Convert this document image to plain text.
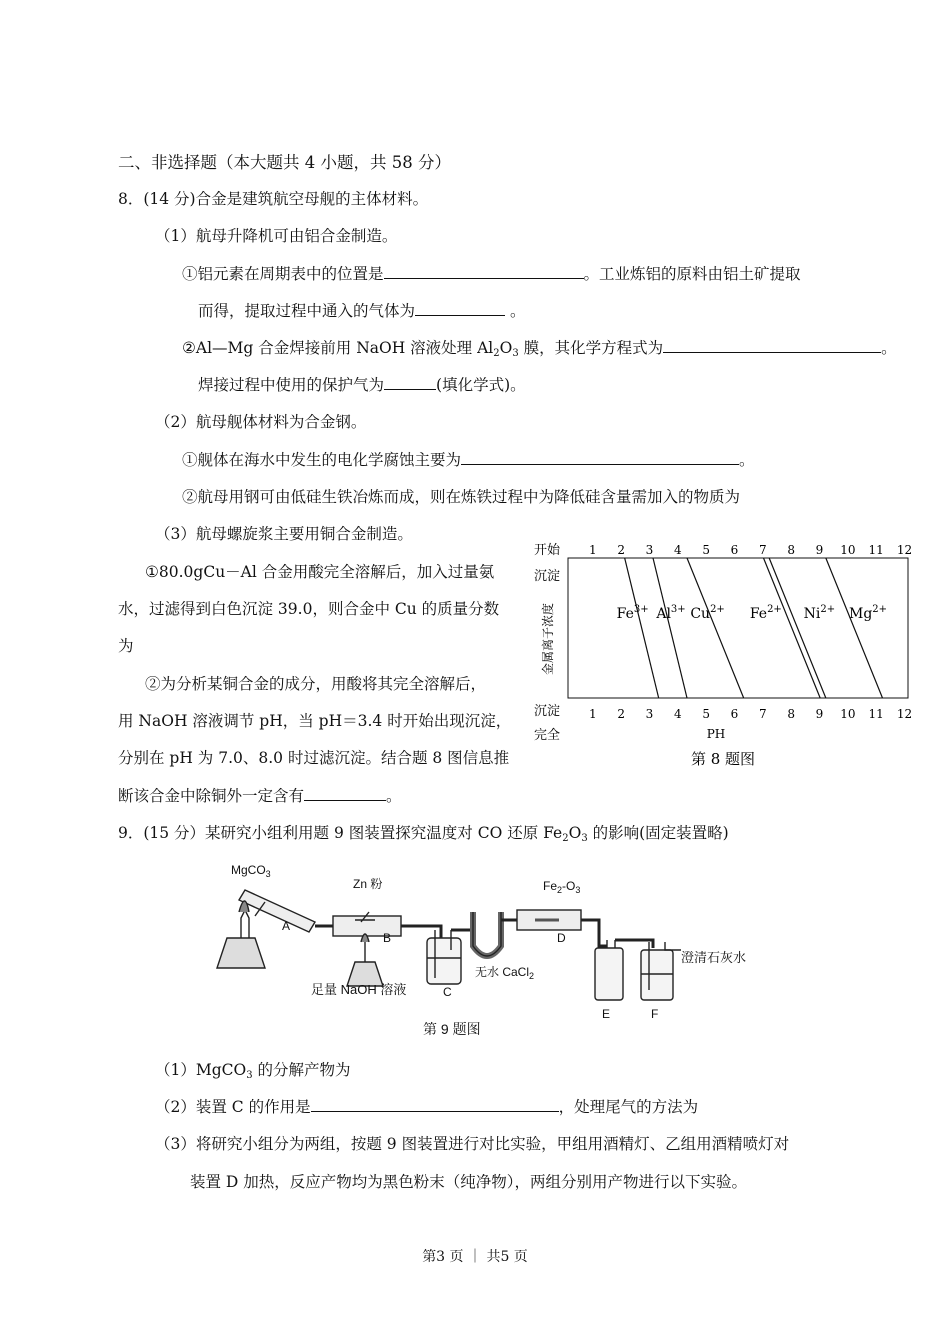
二、非选择题（本大题共 4 小题，共 58 分）
8．(14 分)合金是建筑航空母舰的主体材料。
（1）航母升降机可由铝合金制造。
①铝元素在周期表中的位置是	。工业炼铝的原料由铝土矿提取
而得，提取过程中通入的气体为	。
②Al—Mg 合金焊接前用 NaOH 溶液处理 $Al_2O_3$ 膜，其化学方程式为	。
焊接过程中使用的保护气为	(填化学式)。
（2）航母舰体材料为合金钢。
①舰体在海水中发生的电化学腐蚀主要为	。
②航母用钢可由低硅生铁冶炼而成，则在炼铁过程中为降低硅含量需加入的物质为
（3）航母螺旋浆主要用铜合金制造。
①80.0gCu－Al 合金用酸完全溶解后，加入过量氨
水，过滤得到白色沉淀 39.0，则合金中 Cu 的质量分数
为
②为分析某铜合金的成分，用酸将其完全溶解后，
用 NaOH 溶液调节 pH，当 pH＝3.4 时开始出现沉淀，
分别在 pH 为 7.0、8.0 时过滤沉淀。结合题 8 图信息推
断该合金中除铜外一定含有	。
开始
沉淀
沉淀
完全
金属离子浓度
1 2 3 4 5 6 7 8 9 10 11 12
1 2 3 4 5 6 7 8 9 10 11 12
$Fe^{3+}$ $Al^{3+}$ $Cu^{2+}$ $Fe^{2+}$ $Ni^{2+}$ $Mg^{2+}$
PH
第 8 题图
9．(15 分）某研究小组利用题 9 图装置探究温度对 CO 还原 $Fe_2O_3$ 的影响(固定装置略)
MgCO$_3$
Zn 粉	$Fe_2-O_3$
A
B
C
D
E	F
足量 NaOH 溶液
无水 CaCl$_2$
澄清石灰水
第 9 题图
（1）MgCO$_3$ 的分解产物为
（2）装置 C 的作用是	，处理尾气的方法为
（3）将研究小组分为两组，按题 9 图装置进行对比实验，甲组用酒精灯、乙组用酒精喷灯对
装置 D 加热，反应产物均为黑色粉末（纯净物），两组分别用产物进行以下实验。
第3 页 ｜ 共5 页
